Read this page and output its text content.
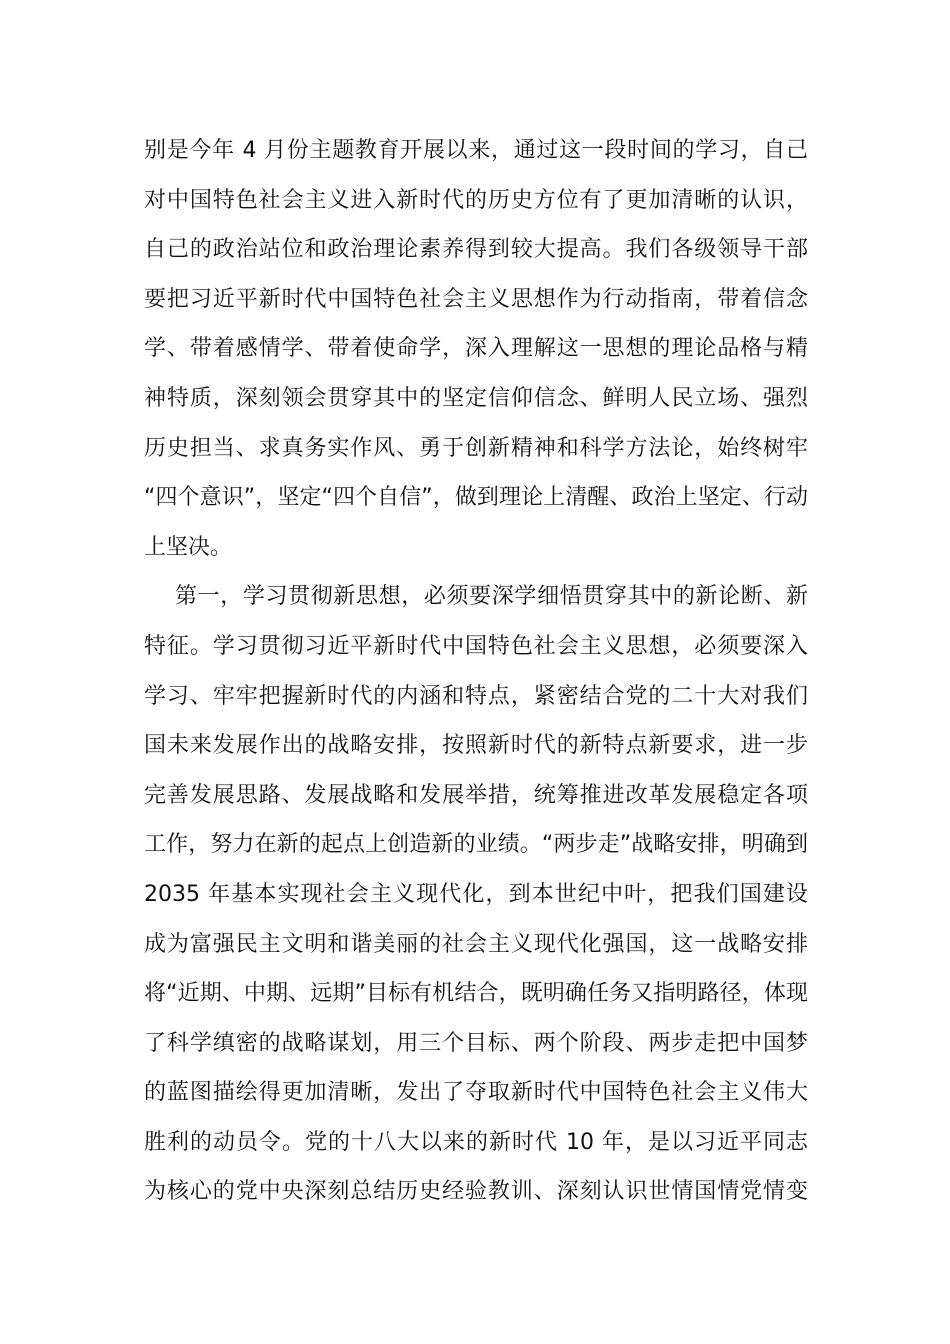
别是今年 4 月份主题教育开展以来，通过这一段时间的学习，自己
对中国特色社会主义进入新时代的历史方位有了更加清晰的认识，
自己的政治站位和政治理论素养得到较大提高。我们各级领导干部
要把习近平新时代中国特色社会主义思想作为行动指南，带着信念
学、带着感情学、带着使命学，深入理解这一思想的理论品格与精
神特质，深刻领会贯穿其中的坚定信仰信念、鲜明人民立场、强烈
历史担当、求真务实作风、勇于创新精神和科学方法论，始终树牢
“四个意识”，坚定“四个自信”，做到理论上清醒、政治上坚定、行动
上坚决。
第一，学习贯彻新思想，必须要深学细悟贯穿其中的新论断、新
特征。学习贯彻习近平新时代中国特色社会主义思想，必须要深入
学习、牢牢把握新时代的内涵和特点，紧密结合党的二十大对我们
国未来发展作出的战略安排，按照新时代的新特点新要求，进一步
完善发展思路、发展战略和发展举措，统筹推进改革发展稳定各项
工作，努力在新的起点上创造新的业绩。“两步走”战略安排，明确到
2035 年基本实现社会主义现代化，到本世纪中叶，把我们国建设
成为富强民主文明和谐美丽的社会主义现代化强国，这一战略安排
将“近期、中期、远期”目标有机结合，既明确任务又指明路径，体现
了科学缜密的战略谋划，用三个目标、两个阶段、两步走把中国梦
的蓝图描绘得更加清晰，发出了夺取新时代中国特色社会主义伟大
胜利的动员令。党的十八大以来的新时代 10 年，是以习近平同志
为核心的党中央深刻总结历史经验教训、深刻认识世情国情党情变
